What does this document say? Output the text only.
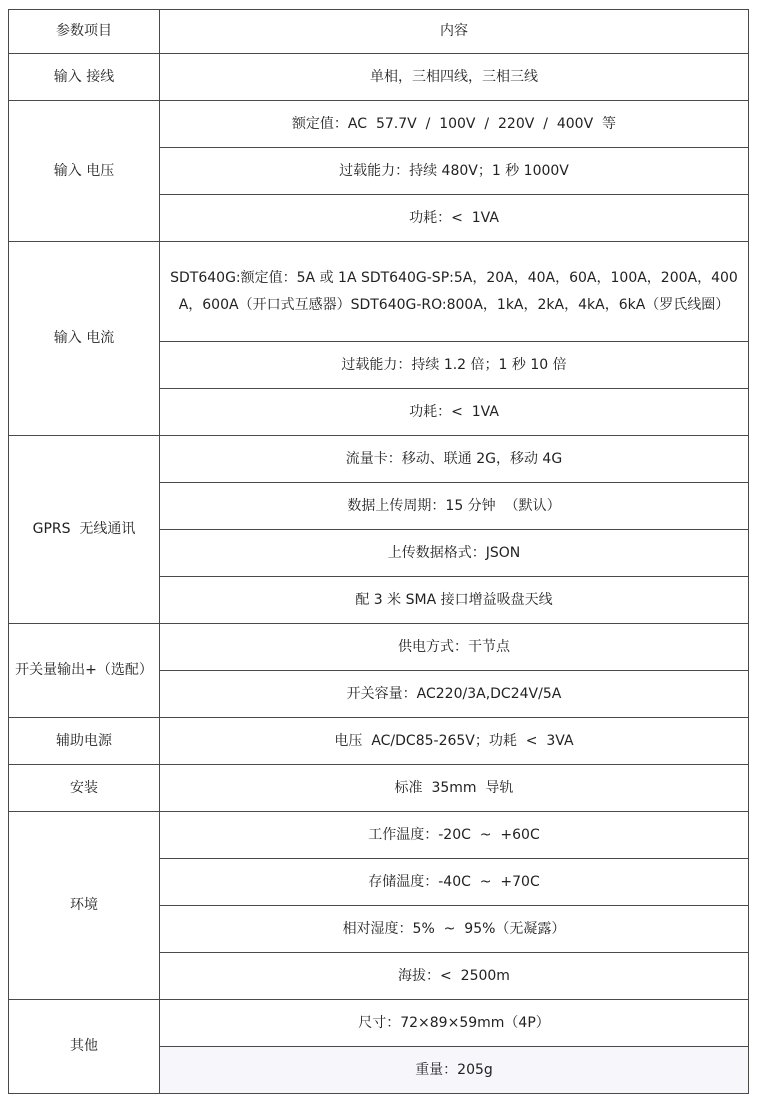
参数项目	内容
输入 接线	单相，三相四线，三相三线
输入 电压	额定值：AC  57.7V  /  100V  /  220V  /  400V  等
	过载能力：持续 480V；1 秒 1000V
	功耗：<  1VA
输入 电流	SDT640G:额定值：5A 或 1A SDT640G-SP:5A，20A，40A，60A，100A，200A，400A，600A（开口式互感器）SDT640G-RO:800A，1kA，2kA，4kA，6kA（罗氏线圈）
	过载能力：持续 1.2 倍；1 秒 10 倍
	功耗：<  1VA
GPRS  无线通讯	流量卡：移动、联通 2G，移动 4G
	数据上传周期：15 分钟  （默认）
	上传数据格式：JSON
	配 3 米 SMA 接口增益吸盘天线
开关量输出+（选配）	供电方式：干节点
	开关容量：AC220/3A,DC24V/5A
辅助电源	电压  AC/DC85-265V；功耗  <  3VA
安装	标准  35mm  导轨
环境	工作温度：-20C  ~  +60C
	存储温度：-40C  ~  +70C
	相对湿度：5%  ~  95%（无凝露）
	海拔：<  2500m
其他	尺寸：72×89×59mm（4P）
	重量：205g
